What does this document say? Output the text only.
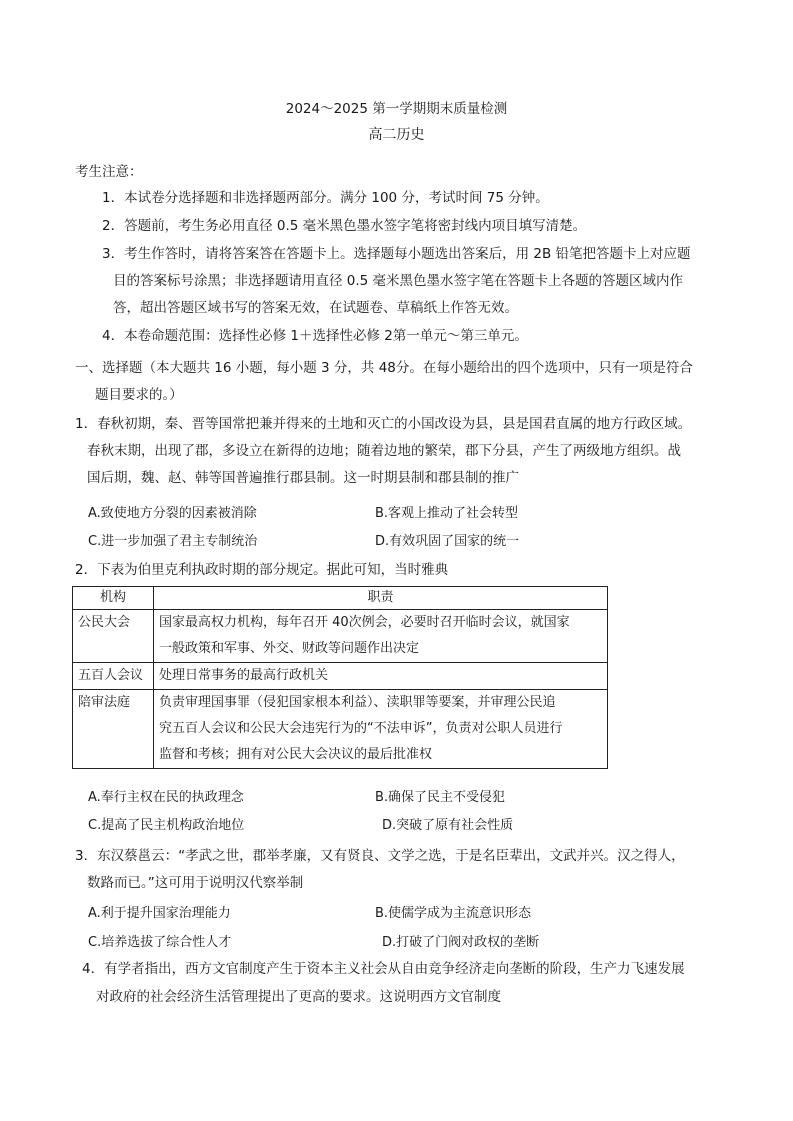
2024～2025 第一学期期末质量检测
高二历史
考生注意：
1．本试卷分选择题和非选择题两部分。满分 100 分，考试时间 75 分钟。
2．答题前，考生务必用直径 0.5 毫米黑色墨水签字笔将密封线内项目填写清楚。
3．考生作答时，请将答案答在答题卡上。选择题每小题选出答案后，用 2B 铅笔把答题卡上对应题
目的答案标号涂黑；非选择题请用直径 0.5 毫米黑色墨水签字笔在答题卡上各题的答题区域内作
答，超出答题区域书写的答案无效，在试题卷、草稿纸上作答无效。
4．本卷命题范围：选择性必修 1＋选择性必修 2第一单元～第三单元。
一、选择题（本大题共 16 小题，每小题 3 分，共 48分。在每小题给出的四个选项中，只有一项是符合
题目要求的。）
1．春秋初期，秦、晋等国常把兼并得来的土地和灭亡的小国改设为县，县是国君直属的地方行政区域。
春秋末期，出现了郡，多设立在新得的边地；随着边地的繁荣，郡下分县，产生了两级地方组织。战
国后期，魏、赵、韩等国普遍推行郡县制。这一时期县制和郡县制的推广
A.致使地方分裂的因素被消除	B.客观上推动了社会转型
C.进一步加强了君主专制统治	D.有效巩固了国家的统一
2．下表为伯里克利执政时期的部分规定。据此可知，当时雅典
机构	职责
公民大会	国家最高权力机构，每年召开 40次例会，必要时召开临时会议，就国家
一般政策和军事、外交、财政等问题作出决定

五百人会议	处理日常事务的最高行政机关

陪审法庭	负责审理国事罪（侵犯国家根本利益）、渎职罪等要案，并审理公民追
究五百人会议和公民大会违宪行为的“不法申诉”，负责对公职人员进行
监督和考核；拥有对公民大会决议的最后批准权
A.奉行主权在民的执政理念	B.确保了民主不受侵犯
C.提高了民主机构政治地位	D.突破了原有社会性质
3．东汉蔡邕云：“孝武之世，郡举孝廉，又有贤良、文学之选，于是名臣辈出，文武并兴。汉之得人，
数路而已。”这可用于说明汉代察举制
A.利于提升国家治理能力	B.使儒学成为主流意识形态
C.培养选拔了综合性人才	D.打破了门阀对政权的垄断
4．有学者指出，西方文官制度产生于资本主义社会从自由竞争经济走向垄断的阶段，生产力飞速发展
对政府的社会经济生活管理提出了更高的要求。这说明西方文官制度
